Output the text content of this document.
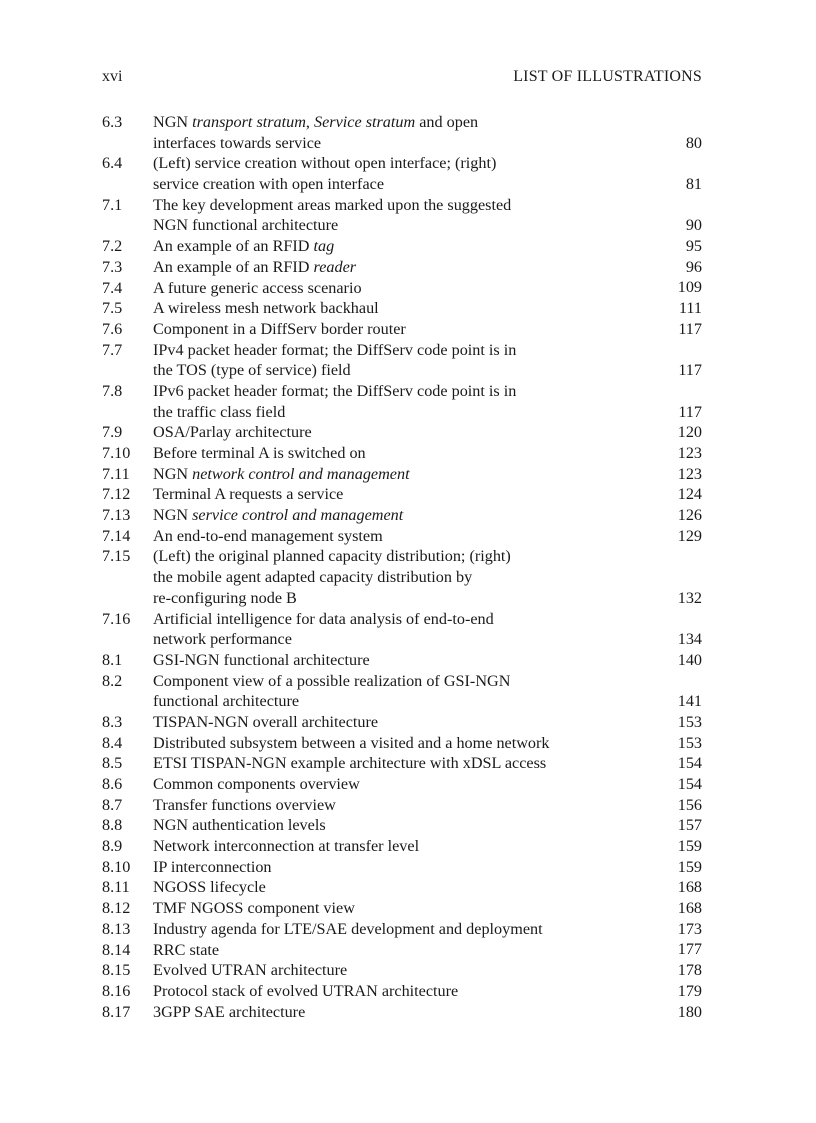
xvi	LIST OF ILLUSTRATIONS
6.3 NGN transport stratum, Service stratum and open
interfaces towards service	80
6.4 (Left) service creation without open interface; (right)
service creation with open interface	81
7.1 The key development areas marked upon the suggested
NGN functional architecture	90
7.2 An example of an RFID tag	95
7.3 An example of an RFID reader	96
7.4 A future generic access scenario	109
7.5 A wireless mesh network backhaul	111
7.6 Component in a DiffServ border router	117
7.7 IPv4 packet header format; the DiffServ code point is in
the TOS (type of service) field	117
7.8 IPv6 packet header format; the DiffServ code point is in
the traffic class field	117
7.9 OSA/Parlay architecture	120
7.10 Before terminal A is switched on	123
7.11 NGN network control and management	123
7.12 Terminal A requests a service	124
7.13 NGN service control and management	126
7.14 An end-to-end management system	129
7.15 (Left) the original planned capacity distribution; (right)
the mobile agent adapted capacity distribution by
re-configuring node B	132
7.16 Artificial intelligence for data analysis of end-to-end
network performance	134
8.1 GSI-NGN functional architecture	140
8.2 Component view of a possible realization of GSI-NGN
functional architecture	141
8.3 TISPAN-NGN overall architecture	153
8.4 Distributed subsystem between a visited and a home network	153
8.5 ETSI TISPAN-NGN example architecture with xDSL access	154
8.6 Common components overview	154
8.7 Transfer functions overview	156
8.8 NGN authentication levels	157
8.9 Network interconnection at transfer level	159
8.10 IP interconnection	159
8.11 NGOSS lifecycle	168
8.12 TMF NGOSS component view	168
8.13 Industry agenda for LTE/SAE development and deployment	173
8.14 RRC state	177
8.15 Evolved UTRAN architecture	178
8.16 Protocol stack of evolved UTRAN architecture	179
8.17 3GPP SAE architecture	180
